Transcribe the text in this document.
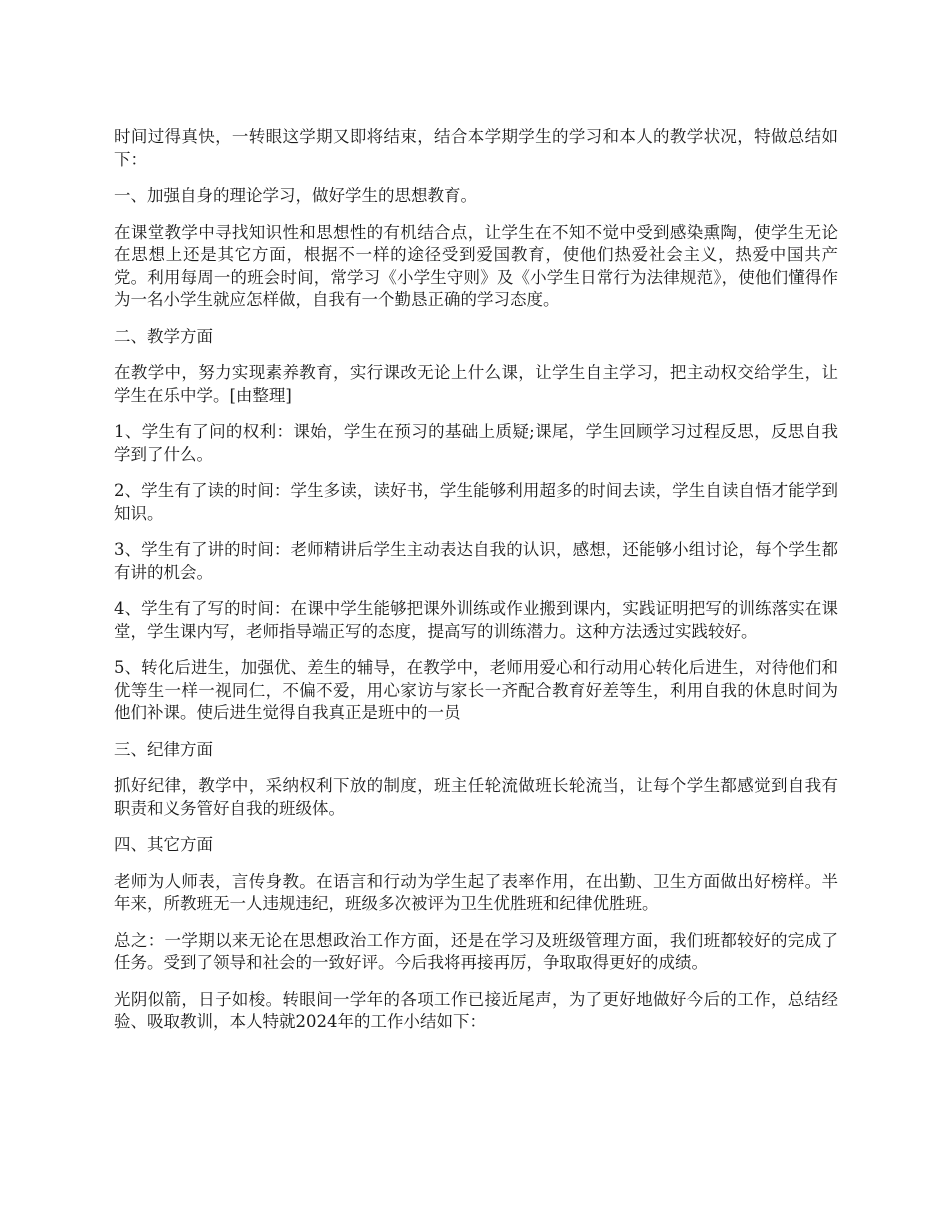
时间过得真快，一转眼这学期又即将结束，结合本学期学生的学习和本人的教学状况，特做总结如下：

一、加强自身的理论学习，做好学生的思想教育。

在课堂教学中寻找知识性和思想性的有机结合点，让学生在不知不觉中受到感染熏陶，使学生无论在思想上还是其它方面，根据不一样的途径受到爱国教育，使他们热爱社会主义，热爱中国共产党。利用每周一的班会时间，常学习《小学生守则》及《小学生日常行为法律规范》，使他们懂得作为一名小学生就应怎样做，自我有一个勤恳正确的学习态度。

二、教学方面

在教学中，努力实现素养教育，实行课改无论上什么课，让学生自主学习，把主动权交给学生，让学生在乐中学。[由整理]

1、学生有了问的权利：课始，学生在预习的基础上质疑;课尾，学生回顾学习过程反思，反思自我学到了什么。

2、学生有了读的时间：学生多读，读好书，学生能够利用超多的时间去读，学生自读自悟才能学到知识。

3、学生有了讲的时间：老师精讲后学生主动表达自我的认识，感想，还能够小组讨论，每个学生都有讲的机会。

4、学生有了写的时间：在课中学生能够把课外训练或作业搬到课内，实践证明把写的训练落实在课堂，学生课内写，老师指导端正写的态度，提高写的训练潜力。这种方法透过实践较好。

5、转化后进生，加强优、差生的辅导，在教学中，老师用爱心和行动用心转化后进生，对待他们和优等生一样一视同仁，不偏不爱，用心家访与家长一齐配合教育好差等生，利用自我的休息时间为他们补课。使后进生觉得自我真正是班中的一员

三、纪律方面

抓好纪律，教学中，采纳权利下放的制度，班主任轮流做班长轮流当，让每个学生都感觉到自我有职责和义务管好自我的班级体。

四、其它方面

老师为人师表，言传身教。在语言和行动为学生起了表率作用，在出勤、卫生方面做出好榜样。半年来，所教班无一人违规违纪，班级多次被评为卫生优胜班和纪律优胜班。

总之：一学期以来无论在思想政治工作方面，还是在学习及班级管理方面，我们班都较好的完成了任务。受到了领导和社会的一致好评。今后我将再接再厉，争取取得更好的成绩。

光阴似箭，日子如梭。转眼间一学年的各项工作已接近尾声，为了更好地做好今后的工作，总结经验、吸取教训，本人特就2024年的工作小结如下：
